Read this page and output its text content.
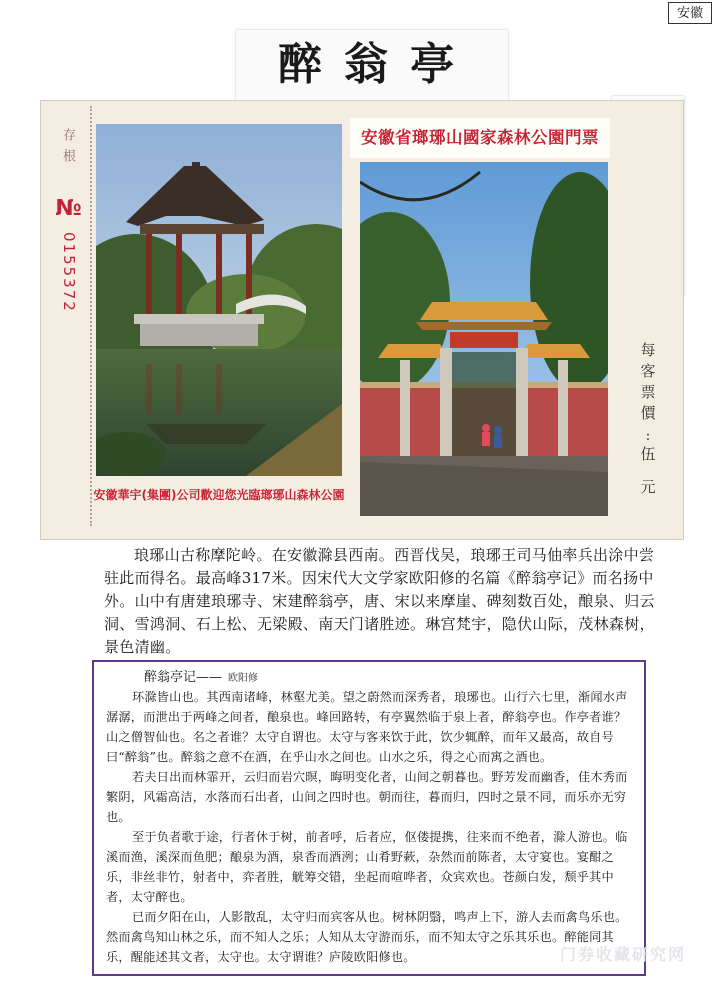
安徽
醉翁亭
存根
№
0155372
安徽省瑯琊山國家森林公園門票
安徽華宇(集團)公司歡迎您光臨瑯琊山森林公園
每客票價
:
伍元

琅琊山古称摩陀岭。在安徽滁县西南。西晋伐吴，琅琊王司马伷率兵出涂中尝驻此而得名。最高峰317米。因宋代大文学家欧阳修的名篇《醉翁亭记》而名扬中外。山中有唐建琅琊寺、宋建醉翁亭，唐、宋以来摩崖、碑刻数百处，酿泉、归云洞、雪鸿洞、石上松、无梁殿、南天门诸胜迹。琳宫梵宇，隐伏山际，茂林森树，景色清幽。

醉翁亭记—— 欧阳修

环滁皆山也。其西南诸峰，林壑尤美。望之蔚然而深秀者，琅琊也。山行六七里，渐闻水声潺潺，而泄出于两峰之间者，酿泉也。峰回路转，有亭翼然临于泉上者，醉翁亭也。作亭者谁？山之僧智仙也。名之者谁？太守自谓也。太守与客来饮于此，饮少辄醉，而年又最高，故自号曰“醉翁”也。醉翁之意不在酒，在乎山水之间也。山水之乐，得之心而寓之酒也。

若夫日出而林霏开，云归而岩穴暝，晦明变化者，山间之朝暮也。野芳发而幽香，佳木秀而繁阴，风霜高洁，水落而石出者，山间之四时也。朝而往，暮而归，四时之景不同，而乐亦无穷也。

至于负者歌于途，行者休于树，前者呼，后者应，伛偻提携，往来而不绝者，滁人游也。临溪而渔，溪深而鱼肥；酿泉为酒，泉香而酒洌；山肴野蔌，杂然而前陈者，太守宴也。宴酣之乐，非丝非竹，射者中，弈者胜，觥筹交错，坐起而喧哗者，众宾欢也。苍颜白发，颓乎其中者，太守醉也。

已而夕阳在山，人影散乱，太守归而宾客从也。树林阴翳，鸣声上下，游人去而禽鸟乐也。然而禽鸟知山林之乐，而不知人之乐；人知从太守游而乐，而不知太守之乐其乐也。醉能同其乐，醒能述其文者，太守也。太守谓谁？庐陵欧阳修也。	门券收藏研究网
